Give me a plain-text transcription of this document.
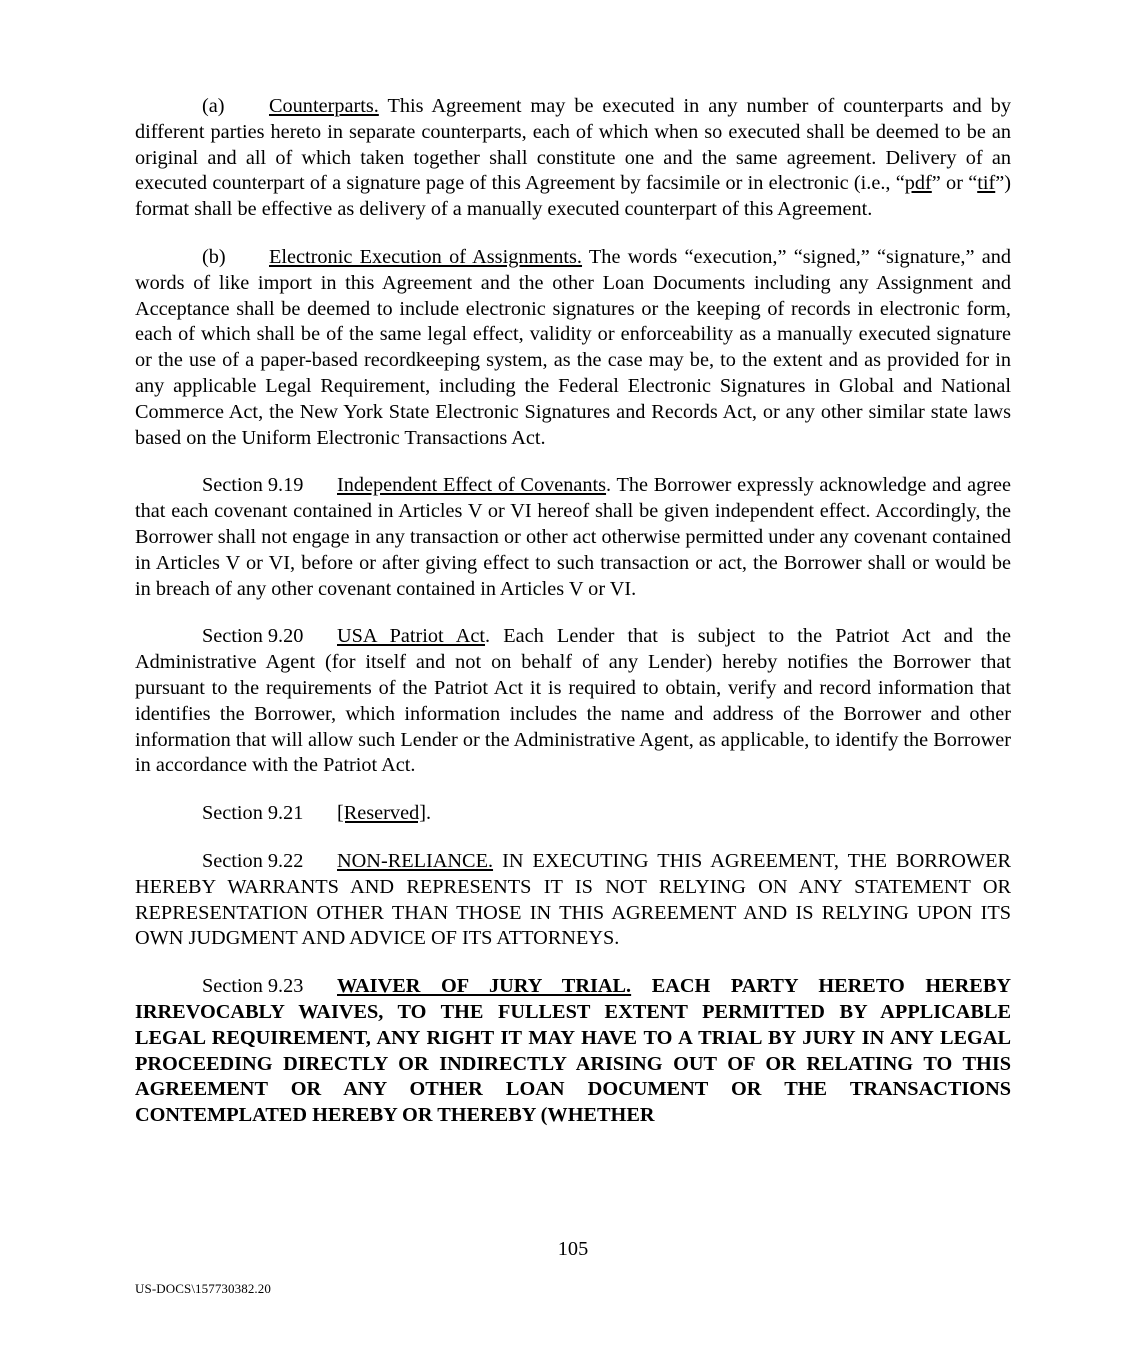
(a) Counterparts. This Agreement may be executed in any number of counterparts and by different parties hereto in separate counterparts, each of which when so executed shall be deemed to be an original and all of which taken together shall constitute one and the same agreement. Delivery of an executed counterpart of a signature page of this Agreement by facsimile or in electronic (i.e., “pdf” or “tif”) format shall be effective as delivery of a manually executed counterpart of this Agreement.

(b) Electronic Execution of Assignments. The words “execution,” “signed,” “signature,” and words of like import in this Agreement and the other Loan Documents including any Assignment and Acceptance shall be deemed to include electronic signatures or the keeping of records in electronic form, each of which shall be of the same legal effect, validity or enforceability as a manually executed signature or the use of a paper-based recordkeeping system, as the case may be, to the extent and as provided for in any applicable Legal Requirement, including the Federal Electronic Signatures in Global and National Commerce Act, the New York State Electronic Signatures and Records Act, or any other similar state laws based on the Uniform Electronic Transactions Act.

Section 9.19 Independent Effect of Covenants. The Borrower expressly acknowledge and agree that each covenant contained in Articles V or VI hereof shall be given independent effect. Accordingly, the Borrower shall not engage in any transaction or other act otherwise permitted under any covenant contained in Articles V or VI, before or after giving effect to such transaction or act, the Borrower shall or would be in breach of any other covenant contained in Articles V or VI.

Section 9.20 USA Patriot Act. Each Lender that is subject to the Patriot Act and the Administrative Agent (for itself and not on behalf of any Lender) hereby notifies the Borrower that pursuant to the requirements of the Patriot Act it is required to obtain, verify and record information that identifies the Borrower, which information includes the name and address of the Borrower and other information that will allow such Lender or the Administrative Agent, as applicable, to identify the Borrower in accordance with the Patriot Act.

Section 9.21 [Reserved].

Section 9.22 NON-RELIANCE. IN EXECUTING THIS AGREEMENT, THE BORROWER HEREBY WARRANTS AND REPRESENTS IT IS NOT RELYING ON ANY STATEMENT OR REPRESENTATION OTHER THAN THOSE IN THIS AGREEMENT AND IS RELYING UPON ITS OWN JUDGMENT AND ADVICE OF ITS ATTORNEYS.

Section 9.23 WAIVER OF JURY TRIAL. EACH PARTY HERETO HEREBY IRREVOCABLY WAIVES, TO THE FULLEST EXTENT PERMITTED BY APPLICABLE LEGAL REQUIREMENT, ANY RIGHT IT MAY HAVE TO A TRIAL BY JURY IN ANY LEGAL PROCEEDING DIRECTLY OR INDIRECTLY ARISING OUT OF OR RELATING TO THIS AGREEMENT OR ANY OTHER LOAN DOCUMENT OR THE TRANSACTIONS CONTEMPLATED HEREBY OR THEREBY (WHETHER

105
US-DOCS\157730382.20
